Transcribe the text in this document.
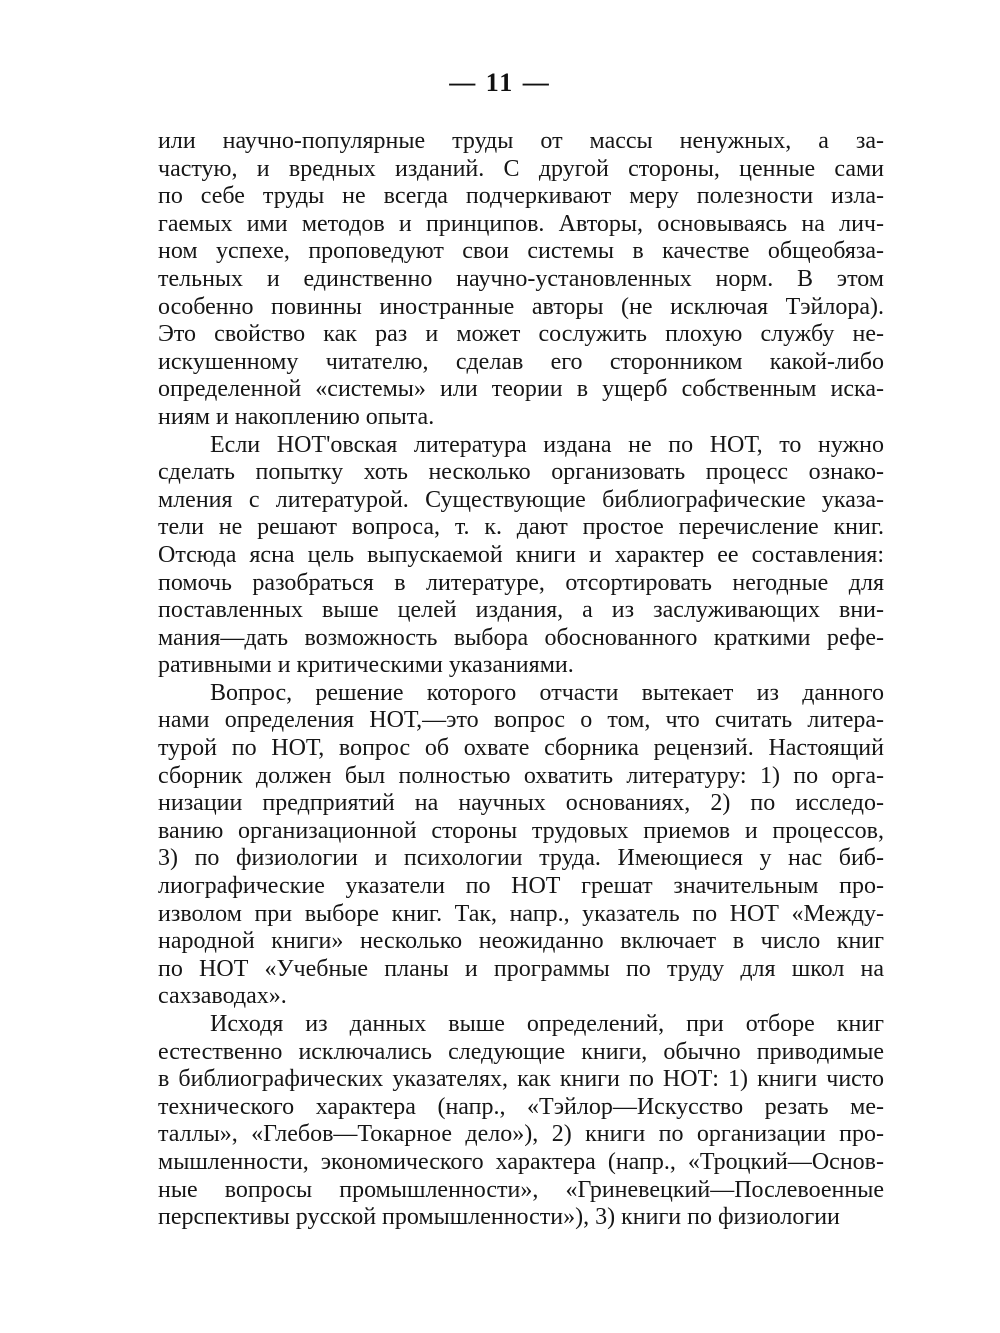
— 11 —
или научно-популярные труды от массы ненужных, а за-
частую, и вредных изданий. С другой стороны, ценные сами
по себе труды не всегда подчеркивают меру полезности изла-
гаемых ими методов и принципов. Авторы, основываясь на лич-
ном успехе, проповедуют свои системы в качестве общеобяза-
тельных и единственно научно-установленных норм. В этом
особенно повинны иностранные авторы (не исключая Тэйлора).
Это свойство как раз и может сослужить плохую службу не-
искушенному читателю, сделав его сторонником какой-либо
определенной «системы» или теории в ущерб собственным иска-
ниям и накоплению опыта.
Если НОТ'овская литература издана не по НОТ, то нужно
сделать попытку хоть несколько организовать процесс ознако-
мления с литературой. Существующие библиографические указа-
тели не решают вопроса, т. к. дают простое перечисление книг.
Отсюда ясна цель выпускаемой книги и характер ее составления:
помочь разобраться в литературе, отсортировать негодные для
поставленных выше целей издания, а из заслуживающих вни-
мания—дать возможность выбора обоснованного краткими рефе-
ративными и критическими указаниями.
Вопрос, решение которого отчасти вытекает из данного
нами определения НОТ,—это вопрос о том, что считать литера-
турой по НОТ, вопрос об охвате сборника рецензий. Настоящий
сборник должен был полностью охватить литературу: 1) по орга-
низации предприятий на научных основаниях, 2) по исследо-
ванию организационной стороны трудовых приемов и процессов,
3) по физиологии и психологии труда. Имеющиеся у нас биб-
лиографические указатели по НОТ грешат значительным про-
изволом при выборе книг. Так, напр., указатель по НОТ «Между-
народной книги» несколько неожиданно включает в число книг
по НОТ «Учебные планы и программы по труду для школ на
сахзаводах».
Исходя из данных выше определений, при отборе книг
естественно исключались следующие книги, обычно приводимые
в библиографических указателях, как книги по НОТ: 1) книги чисто
технического характера (напр., «Тэйлор—Искусство резать ме-
таллы», «Глебов—Токарное дело»), 2) книги по организации про-
мышленности, экономического характера (напр., «Троцкий—Основ-
ные вопросы промышленности», «Гриневецкий—Послевоенные
перспективы русской промышленности»), 3) книги по физиологии
